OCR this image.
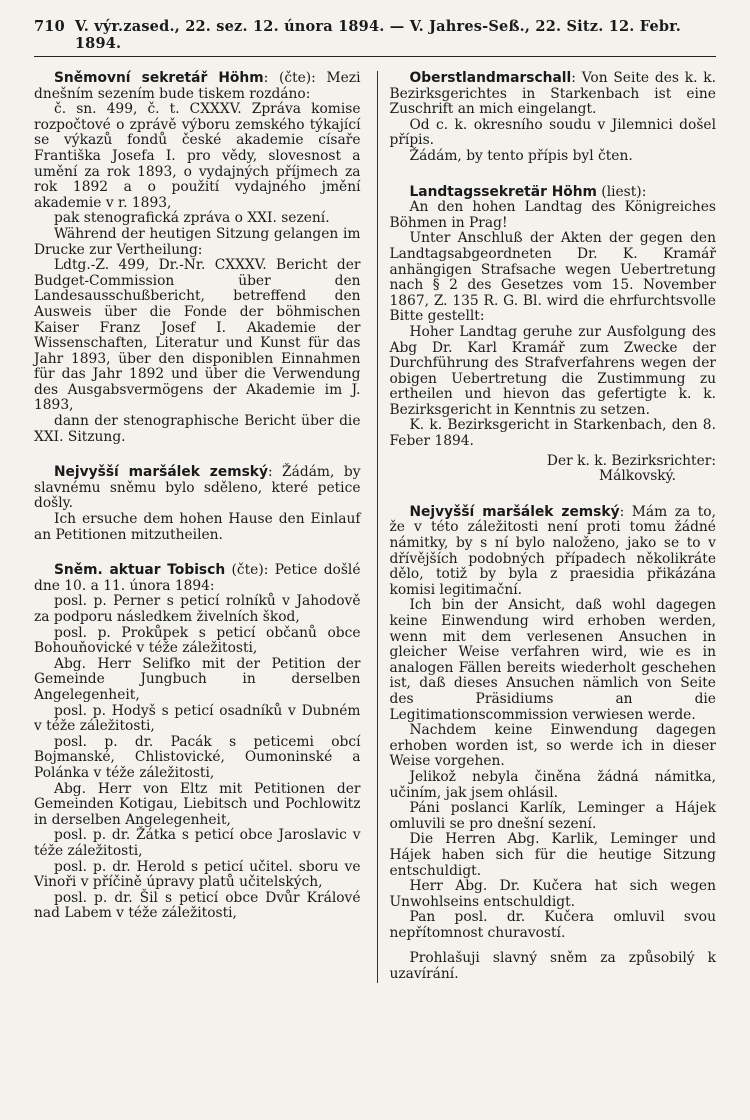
710 V. výr.zased., 22. sez. 12. února 1894. — V. Jahres-Seß., 22. Sitz. 12. Febr. 1894.

Sněmovní sekretář Höhm: (čte): Mezi dnešním sezením bude tiskem rozdáno:

č. sn. 499, č. t. CXXXV. Zpráva komise rozpočtové o zprávě výboru zemského týkající se výkazů fondů české akademie císaře Františka Josefa I. pro vědy, slovesnost a umění za rok 1893, o vydajných příjmech za rok 1892 a o použití vydajného jmění akademie v r. 1893,

pak stenografická zpráva o XXI. sezení.

Während der heutigen Sitzung gelangen im Drucke zur Vertheilung:

Ldtg.-Z. 499, Dr.-Nr. CXXXV. Bericht der Budget-Commission über den Landesausschußbericht, betreffend den Ausweis über die Fonde der böhmischen Kaiser Franz Josef I. Akademie der Wissenschaften, Literatur und Kunst für das Jahr 1893, über den disponiblen Einnahmen für das Jahr 1892 und über die Verwendung des Ausgabsvermögens der Akademie im J. 1893,

dann der stenographische Bericht über die XXI. Sitzung.

Nejvyšší maršálek zemský: Žádám, by slavnému sněmu bylo sděleno, které petice došly.

Ich ersuche dem hohen Hause den Einlauf an Petitionen mitzutheilen.

Sněm. aktuar Tobisch (čte): Petice došlé dne 10. a 11. února 1894:

posl. p. Perner s peticí rolníků v Jahodově za podporu následkem živelních škod,

posl. p. Prokůpek s peticí občanů obce Bohouňovické v téže záležitosti,

Abg. Herr Selifko mit der Petition der Gemeinde Jungbuch in derselben Angelegenheit,

posl. p. Hodyš s peticí osadníků v Dubném v téže záležitosti,

posl. p. dr. Pacák s peticemi obcí Bojmanské, Chlistovické, Oumoninské a Polánka v téže záležitosti,

Abg. Herr von Eltz mit Petitionen der Gemeinden Kotigau, Liebitsch und Pochlowitz in derselben Angelegenheit,

posl. p. dr. Žátka s peticí obce Jaroslavic v téže záležitosti,

posl. p. dr. Herold s peticí učitel. sboru ve Vinoři v příčině úpravy platů učitelských,

posl. p. dr. Šil s peticí obce Dvůr Králové nad Labem v téže záležitosti,

Oberstlandmarschall: Von Seite des k. k. Bezirksgerichtes in Starkenbach ist eine Zuschrift an mich eingelangt.

Od c. k. okresního soudu v Jilemnici došel přípis.

Žádám, by tento přípis byl čten.

Landtagssekretär Höhm (liest):

An den hohen Landtag des Königreiches Böhmen in Prag!

Unter Anschluß der Akten der gegen den Landtagsabgeordneten Dr. K. Kramář anhängigen Strafsache wegen Uebertretung nach § 2 des Gesetzes vom 15. November 1867, Z. 135 R. G. Bl. wird die ehrfurchtsvolle Bitte gestellt:

Hoher Landtag geruhe zur Ausfolgung des Abg Dr. Karl Kramář zum Zwecke der Durchführung des Strafverfahrens wegen der obigen Uebertretung die Zustimmung zu ertheilen und hievon das gefertigte k. k. Bezirksgericht in Kenntnis zu setzen.

K. k. Bezirksgericht in Starkenbach, den 8. Feber 1894.

Der k. k. Bezirksrichter:

Málkovský.

Nejvyšší maršálek zemský: Mám za to, že v této záležitosti není proti tomu žádné námitky, by s ní bylo naloženo, jako se to v dřívějších podobných případech několikráte dělo, totiž by byla z praesidia přikázána komisi legitimační.

Ich bin der Ansicht, daß wohl dagegen keine Einwendung wird erhoben werden, wenn mit dem verlesenen Ansuchen in gleicher Weise verfahren wird, wie es in analogen Fällen bereits wiederholt geschehen ist, daß dieses Ansuchen nämlich von Seite des Präsidiums an die Legitimationscommission verwiesen werde.

Nachdem keine Einwendung dagegen erhoben worden ist, so werde ich in dieser Weise vorgehen.

Jelikož nebyla činěna žádná námitka, učiním, jak jsem ohlásil.

Páni poslanci Karlík, Leminger a Hájek omluvili se pro dnešní sezení.

Die Herren Abg. Karlik, Leminger und Hájek haben sich für die heutige Sitzung entschuldigt.

Herr Abg. Dr. Kučera hat sich wegen Unwohlseins entschuldigt.

Pan posl. dr. Kučera omluvil svou nepřítomnost churavostí.

Prohlašuji slavný sněm za způsobilý k uzavírání.
